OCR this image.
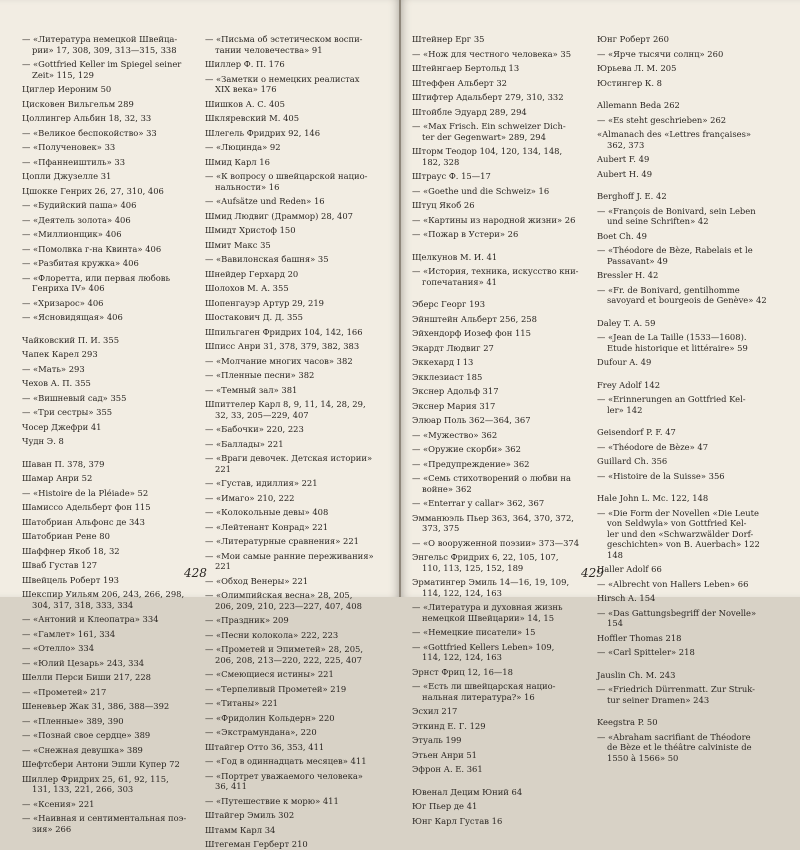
— «Литература немецкой Швейца-
рии» 17, 308, 309, 313—315, 338
— «Gottfried Keller im Spiegel seiner
Zeit» 115, 129
Циглер Иероним 50
Цисковен Вильгельм 289
Цоллингер Альбин 18, 32, 33
— «Великое беспокойство» 33
— «Полученовек» 33
— «Пфаннеиштиль» 33
Цопли Джузелле 31
Цшокке Генрих 26, 27, 310, 406
— «Будийский паша» 406
— «Деятель золота» 406
— «Миллионщик» 406
— «Помолвка г-на Квинта» 406
— «Разбитая кружка» 406
— «Флоретта, или первая любовь
Генриха IV» 406
— «Хризарос» 406
— «Ясновидящая» 406
Чайковский П. И. 355
Чапек Карел 293
— «Мать» 293
Чехов А. П. 355
— «Вишневый сад» 355
— «Три сестры» 355
Чосер Джефри 41
Чудн Э. 8
Шаван П. 378, 379
Шамар Анри 52
— «Histoire de la Pléiade» 52
Шамиссо Адельберт фон 115
Шатобриан Альфонс де 343
Шатобриан Рене 80
Шаффнер Якоб 18, 32
Шваб Густав 127
Швейцель Роберт 193
Шекспир Уильям 206, 243, 266, 298,
304, 317, 318, 333, 334
— «Антоний и Клеопатра» 334
— «Гамлет» 161, 334
— «Отелло» 334
— «Юлий Цезарь» 243, 334
Шелли Перси Биши 217, 228
— «Прометей» 217
Шеневьер Жак 31, 386, 388—392
— «Пленные» 389, 390
— «Познай свое сердце» 389
— «Снежная девушка» 389
Шефтсбери Антони Эшли Купер 72
Шиллер Фридрих 25, 61, 92, 115,
131, 133, 221, 266, 303
— «Ксения» 221
— «Наивная и сентиментальная поэ-
зия» 266
— «Письма об эстетическом воспи-
тании человечества» 91
Шиллер Ф. П. 176
— «Заметки о немецких реалистах
XIX века» 176
Шишков А. С. 405
Шкляревский М. 405
Шлегель Фридрих 92, 146
— «Люцинда» 92
Шмид Карл 16
— «К вопросу о швейцарской нацио-
нальности» 16
— «Aufsätze und Reden» 16
Шмид Людвиг (Драммор) 28, 407
Шмидт Христоф 150
Шмит Макс 35
— «Вавилонская башня» 35
Шнейдер Герхард 20
Шолохов М. А. 355
Шопенгауэр Артур 29, 219
Шостакович Д. Д. 355
Шпильгаген Фридрих 104, 142, 166
Шписс Анри 31, 378, 379, 382, 383
— «Молчание многих часов» 382
— «Пленные песни» 382
— «Темный зал» 381
Шпиттелер Карл 8, 9, 11, 14, 28, 29,
32, 33, 205—229, 407
— «Бабочки» 220, 223
— «Баллады» 221
— «Враги девочек. Детская истории»
221
— «Густав, идиллия» 221
— «Имаго» 210, 222
— «Колокольные девы» 408
— «Лейтенант Конрад» 221
— «Литературные сравнения» 221
— «Мои самые ранние переживания»
221
— «Обход Венеры» 221
— «Олимпийская весна» 28, 205,
206, 209, 210, 223—227, 407, 408
— «Праздник» 209
— «Песни колокола» 222, 223
— «Прометей и Эпиметей» 28, 205,
206, 208, 213—220, 222, 225, 407
— «Смеющиеся истины» 221
— «Терпеливый Прометей» 219
— «Титаны» 221
— «Фридолин Кольдерн» 220
— «Экстрамундана», 220
Штайгер Отто 36, 353, 411
— «Год в одиннадцать месяцев» 411
— «Портрет уважаемого человека»
36, 411
— «Путешествие к морю» 411
Штайгер Эмиль 302
Штамм Карл 34
Штегеман Герберт 210
428
Штейнер Ерг 35
— «Нож для честного человека» 35
Штейнгаер Бертольд 13
Штеффен Альберт 32
Штифтер Адальберт 279, 310, 332
Штойбле Эдуард 289, 294
— «Max Frisch. Ein schweizer Dich-
ter der Gegenwart» 289, 294
Шторм Теодор 104, 120, 134, 148,
182, 328
Штраус Ф. 15—17
— «Goethe und die Schweiz» 16
Штуц Якоб 26
— «Картины из народной жизни» 26
— «Пожар в Устери» 26
Щелкунов М. И. 41
— «История, техника, искусство кни-
гопечатания» 41
Эберс Георг 193
Эйнштейн Альберт 256, 258
Эйхендорф Иозеф фон 115
Экардт Людвиг 27
Эккехард I 13
Экклезиаст 185
Экснер Адольф 317
Экснер Мария 317
Элюар Поль 362—364, 367
— «Мужество» 362
— «Оружие скорби» 362
— «Предупреждение» 362
— «Семь стихотворений о любви на
войне» 362
— «Enterrar y callar» 362, 367
Эмманюэль Пьер 363, 364, 370, 372,
373, 375
— «О вооруженной поэзии» 373—374
Энгельс Фридрих 6, 22, 105, 107,
110, 113, 125, 152, 189
Эрматингер Эмиль 14—16, 19, 109,
114, 122, 124, 163
— «Литература и духовная жизнь
немецкой Швейцарии» 14, 15
— «Немецкие писатели» 15
— «Gottfried Kellers Leben» 109,
114, 122, 124, 163
Эрнст Фриц 12, 16—18
— «Есть ли швейцарская нацио-
нальная литература?» 16
Эсхил 217
Эткинд Е. Г. 129
Этуаль 199
Этьен Анри 51
Эфрон А. Е. 361
Ювенал Децим Юний 64
Юг Пьер де 41
Юнг Карл Густав 16
Юнг Роберт 260
— «Ярче тысячи солнц» 260
Юрьева Л. М. 205
Юстингер К. 8
Allemann Beda 262
— «Es steht geschrieben» 262
«Almanach des «Lettres françaises»
362, 373
Aubert F. 49
Aubert H. 49
Berghoff J. E. 42
— «François de Bonivard, sein Leben
und seine Schriften» 42
Boet Ch. 49
— «Théodore de Bèze, Rabelais et le
Passavant» 49
Bressler H. 42
— «Fr. de Bonivard, gentilhomme
savoyard et bourgeois de Genève» 42
Daley T. A. 59
— «Jean de La Taille (1533—1608).
Etude historique et littéraire» 59
Dufour A. 49
Frey Adolf 142
— «Erinnerungen an Gottfried Kel-
ler» 142
Geisendorf P. F. 47
— «Théodore de Bèze» 47
Guillard Ch. 356
— «Histoire de la Suisse» 356
Hale John L. Mc. 122, 148
— «Die Form der Novellen «Die Leute
von Seldwyla» von Gottfried Kel-
ler und den «Schwarzwälder Dorf-
geschichten» von B. Auerbach» 122
148
Haller Adolf 66
— «Albrecht von Hallers Leben» 66
Hirsch A. 154
— «Das Gattungsbegriff der Novelle»
154
Hoffler Thomas 218
— «Carl Spitteler» 218
Jauslin Ch. M. 243
— «Friedrich Dürrenmatt. Zur Struk-
tur seiner Dramen» 243
Keegstra P. 50
— «Abraham sacrifiant de Théodore
de Bèze et le théâtre calviniste de
1550 à 1566» 50
429
